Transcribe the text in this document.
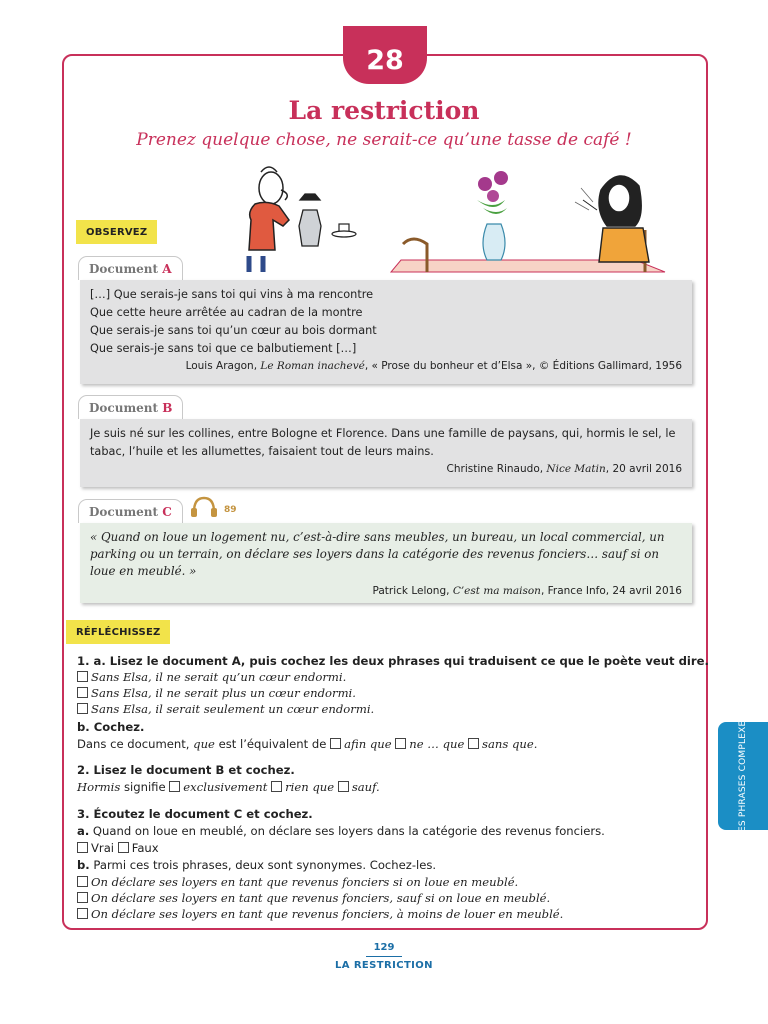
28
La restriction
Prenez quelque chose, ne serait-ce qu’une tasse de café !
OBSERVEZ
Document A
[…] Que serais-je sans toi qui vins à ma rencontre
Que cette heure arrêtée au cadran de la montre
Que serais-je sans toi qu’un cœur au bois dormant
Que serais-je sans toi que ce balbutiement […]
Louis Aragon, Le Roman inachevé, « Prose du bonheur et d’Elsa », © Éditions Gallimard, 1956
Document B
Je suis né sur les collines, entre Bologne et Florence. Dans une famille de paysans, qui, hormis le sel, le tabac, l’huile et les allumettes, faisaient tout de leurs mains.
Christine Rinaudo, Nice Matin, 20 avril 2016
Document C	89
« Quand on loue un logement nu, c’est-à-dire sans meubles, un bureau, un local commercial, un parking ou un terrain, on déclare ses loyers dans la catégorie des revenus fonciers… sauf si on loue en meublé. »
Patrick Lelong, C’est ma maison, France Info, 24 avril 2016
RÉFLÉCHISSEZ
1. a. Lisez le document A, puis cochez les deux phrases qui traduisent ce que le poète veut dire.
Sans Elsa, il ne serait qu’un cœur endormi.
Sans Elsa, il ne serait plus un cœur endormi.
Sans Elsa, il serait seulement un cœur endormi.
b. Cochez.
Dans ce document, que est l’équivalent de afin que ne … que sans que.
2. Lisez le document B et cochez.
Hormis signifie exclusivement rien que sauf.
3. Écoutez le document C et cochez.
a. Quand on loue en meublé, on déclare ses loyers dans la catégorie des revenus fonciers.
Vrai Faux
b. Parmi ces trois phrases, deux sont synonymes. Cochez-les.
On déclare ses loyers en tant que revenus fonciers si on loue en meublé.
On déclare ses loyers en tant que revenus fonciers, sauf si on loue en meublé.
On déclare ses loyers en tant que revenus fonciers, à moins de louer en meublé.
LES PHRASES COMPLEXES
129
LA RESTRICTION
